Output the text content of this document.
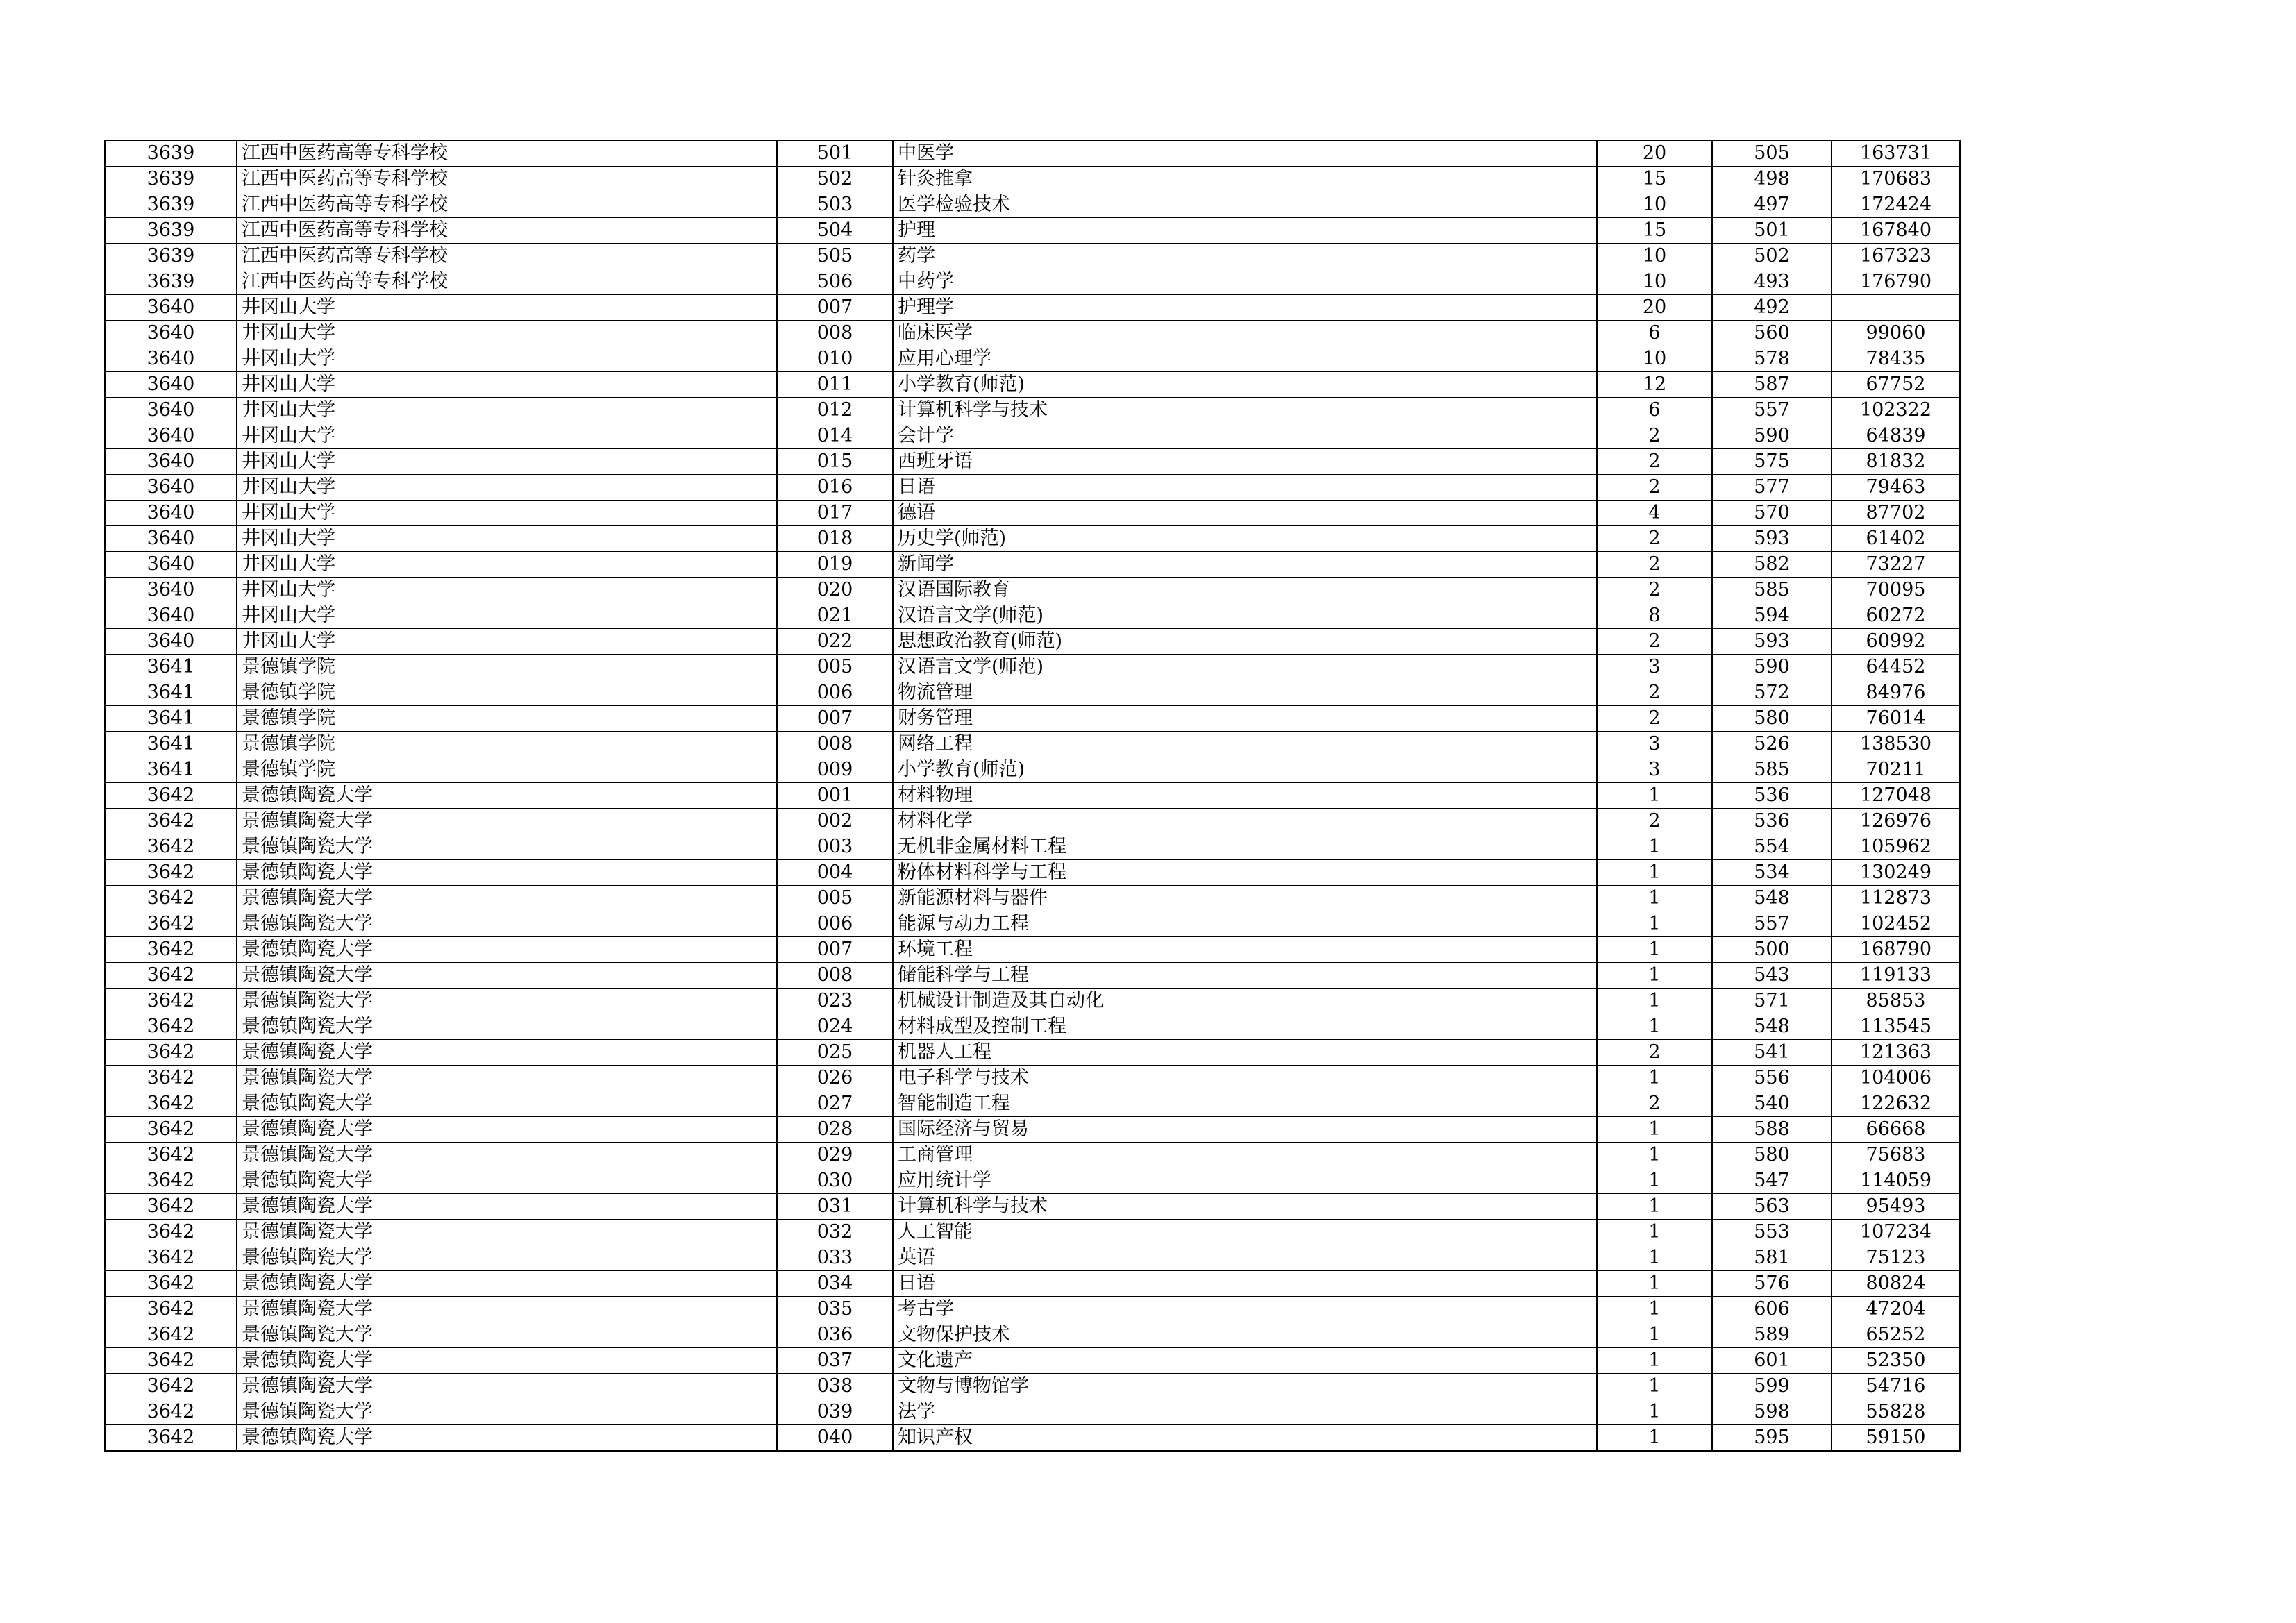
3639	江西中医药高等专科学校	501	中医学	20	505	163731
3639	江西中医药高等专科学校	502	针灸推拿	15	498	170683
3639	江西中医药高等专科学校	503	医学检验技术	10	497	172424
3639	江西中医药高等专科学校	504	护理	15	501	167840
3639	江西中医药高等专科学校	505	药学	10	502	167323
3639	江西中医药高等专科学校	506	中药学	10	493	176790
3640	井冈山大学	007	护理学	20	492	
3640	井冈山大学	008	临床医学	6	560	99060
3640	井冈山大学	010	应用心理学	10	578	78435
3640	井冈山大学	011	小学教育(师范)	12	587	67752
3640	井冈山大学	012	计算机科学与技术	6	557	102322
3640	井冈山大学	014	会计学	2	590	64839
3640	井冈山大学	015	西班牙语	2	575	81832
3640	井冈山大学	016	日语	2	577	79463
3640	井冈山大学	017	德语	4	570	87702
3640	井冈山大学	018	历史学(师范)	2	593	61402
3640	井冈山大学	019	新闻学	2	582	73227
3640	井冈山大学	020	汉语国际教育	2	585	70095
3640	井冈山大学	021	汉语言文学(师范)	8	594	60272
3640	井冈山大学	022	思想政治教育(师范)	2	593	60992
3641	景德镇学院	005	汉语言文学(师范)	3	590	64452
3641	景德镇学院	006	物流管理	2	572	84976
3641	景德镇学院	007	财务管理	2	580	76014
3641	景德镇学院	008	网络工程	3	526	138530
3641	景德镇学院	009	小学教育(师范)	3	585	70211
3642	景德镇陶瓷大学	001	材料物理	1	536	127048
3642	景德镇陶瓷大学	002	材料化学	2	536	126976
3642	景德镇陶瓷大学	003	无机非金属材料工程	1	554	105962
3642	景德镇陶瓷大学	004	粉体材料科学与工程	1	534	130249
3642	景德镇陶瓷大学	005	新能源材料与器件	1	548	112873
3642	景德镇陶瓷大学	006	能源与动力工程	1	557	102452
3642	景德镇陶瓷大学	007	环境工程	1	500	168790
3642	景德镇陶瓷大学	008	储能科学与工程	1	543	119133
3642	景德镇陶瓷大学	023	机械设计制造及其自动化	1	571	85853
3642	景德镇陶瓷大学	024	材料成型及控制工程	1	548	113545
3642	景德镇陶瓷大学	025	机器人工程	2	541	121363
3642	景德镇陶瓷大学	026	电子科学与技术	1	556	104006
3642	景德镇陶瓷大学	027	智能制造工程	2	540	122632
3642	景德镇陶瓷大学	028	国际经济与贸易	1	588	66668
3642	景德镇陶瓷大学	029	工商管理	1	580	75683
3642	景德镇陶瓷大学	030	应用统计学	1	547	114059
3642	景德镇陶瓷大学	031	计算机科学与技术	1	563	95493
3642	景德镇陶瓷大学	032	人工智能	1	553	107234
3642	景德镇陶瓷大学	033	英语	1	581	75123
3642	景德镇陶瓷大学	034	日语	1	576	80824
3642	景德镇陶瓷大学	035	考古学	1	606	47204
3642	景德镇陶瓷大学	036	文物保护技术	1	589	65252
3642	景德镇陶瓷大学	037	文化遗产	1	601	52350
3642	景德镇陶瓷大学	038	文物与博物馆学	1	599	54716
3642	景德镇陶瓷大学	039	法学	1	598	55828
3642	景德镇陶瓷大学	040	知识产权	1	595	59150
